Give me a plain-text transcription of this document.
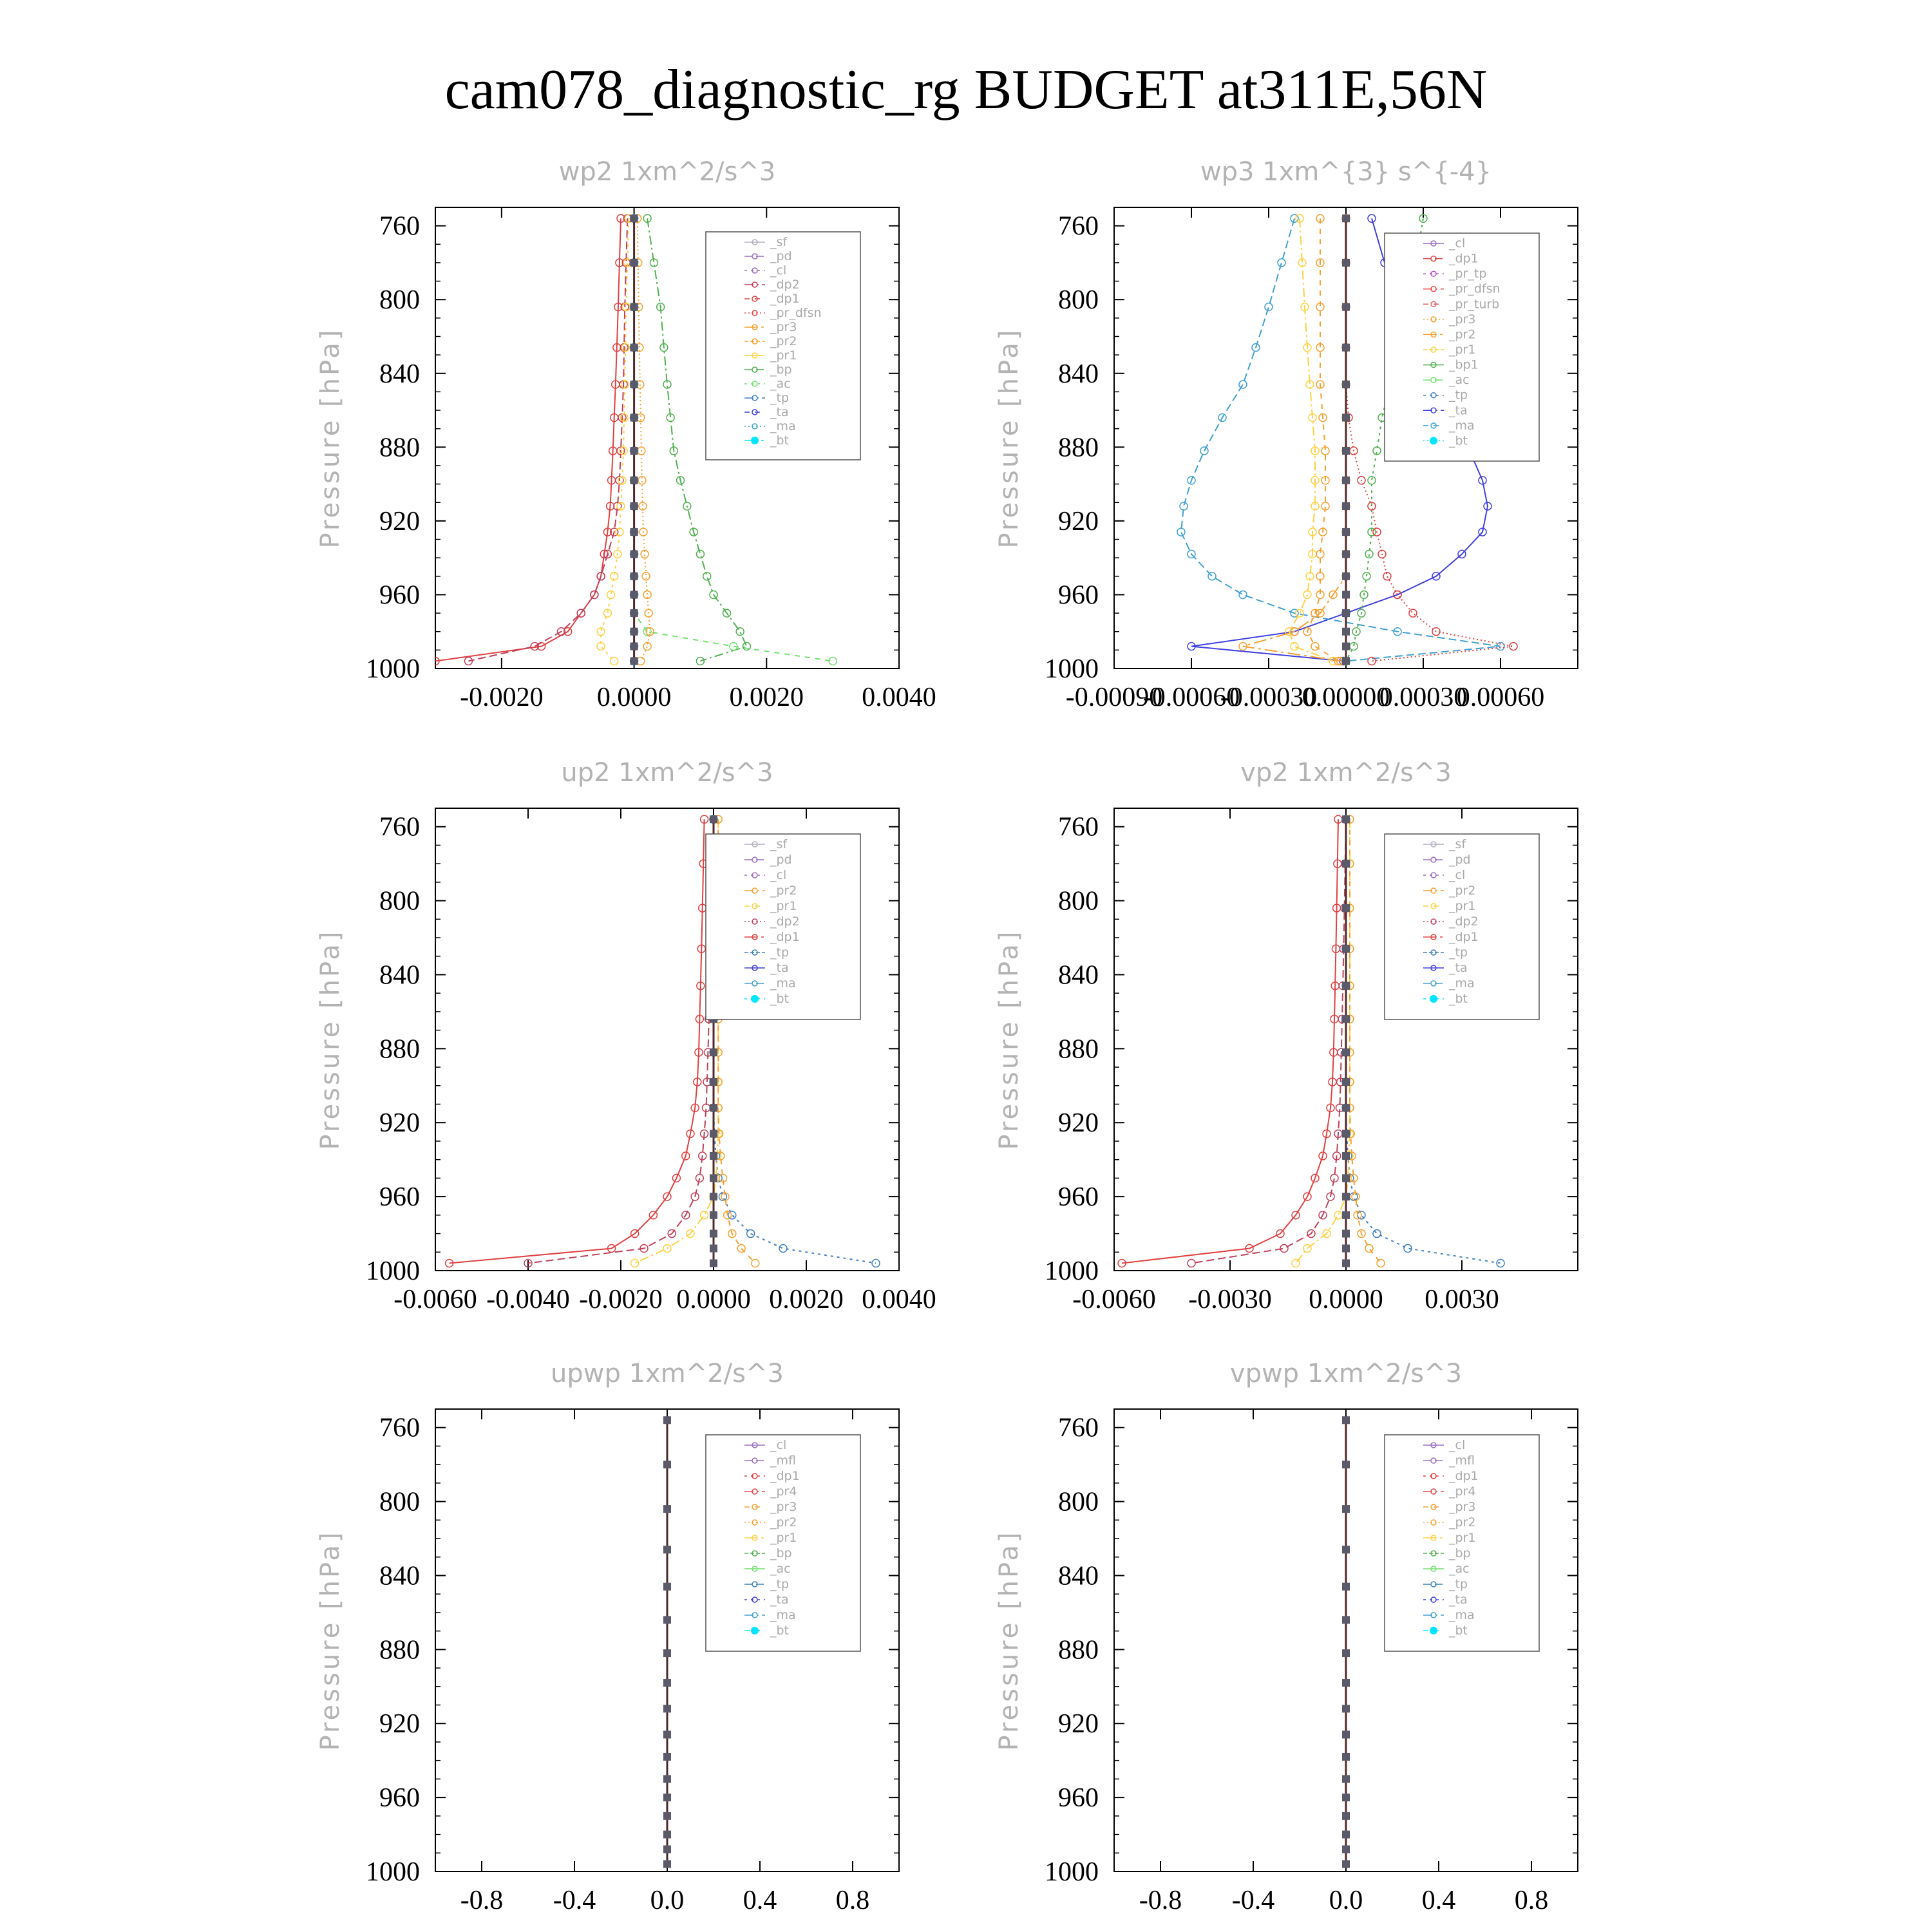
cam078_diagnostic_rg BUDGET at311E,56N
wp2 1xm^2/s^3
Pressure [hPa]
760
800
840
880
920
960
1000
-0.0020 0.0000 0.0020 0.0040
_sf
_pd
_cl
_dp2
_dp1
_pr_dfsn
_pr3
_pr2
_pr1
_bp
_ac
_tp
_ta
_ma
_bt
wp3 1xm^{3} s^{-4}
Pressure [hPa]
760
800
840
880
920
960
1000
-0.00090
-0.00060
-0.00030
0.00000
0.00030
0.00060
_cl
_dp1
_pr_tp
_pr_dfsn
_pr_turb
_pr3
_pr2
_pr1
_bp1
_ac
_tp
_ta
_ma
_bt
up2 1xm^2/s^3
Pressure [hPa]
760
800
840
880
920
960
1000
-0.0060 -0.0040 -0.0020 0.0000 0.0020 0.0040
_sf
_pd
_cl
_pr2
_pr1
_dp2
_dp1
_tp
_ta
_ma
_bt
vp2 1xm^2/s^3
Pressure [hPa]
760
800
840
880
920
960
1000
-0.0060 -0.0030 0.0000 0.0030
_sf
_pd
_cl
_pr2
_pr1
_dp2
_dp1
_tp
_ta
_ma
_bt
upwp 1xm^2/s^3
Pressure [hPa]
760
800
840
880
920
960
1000
-0.8 -0.4 0.0 0.4 0.8
_cl
_mfl
_dp1
_pr4
_pr3
_pr2
_pr1
_bp
_ac
_tp
_ta
_ma
_bt
vpwp 1xm^2/s^3
Pressure [hPa]
760
800
840
880
920
960
1000
-0.8 -0.4 0.0 0.4 0.8
_cl
_mfl
_dp1
_pr4
_pr3
_pr2
_pr1
_bp
_ac
_tp
_ta
_ma
_bt
